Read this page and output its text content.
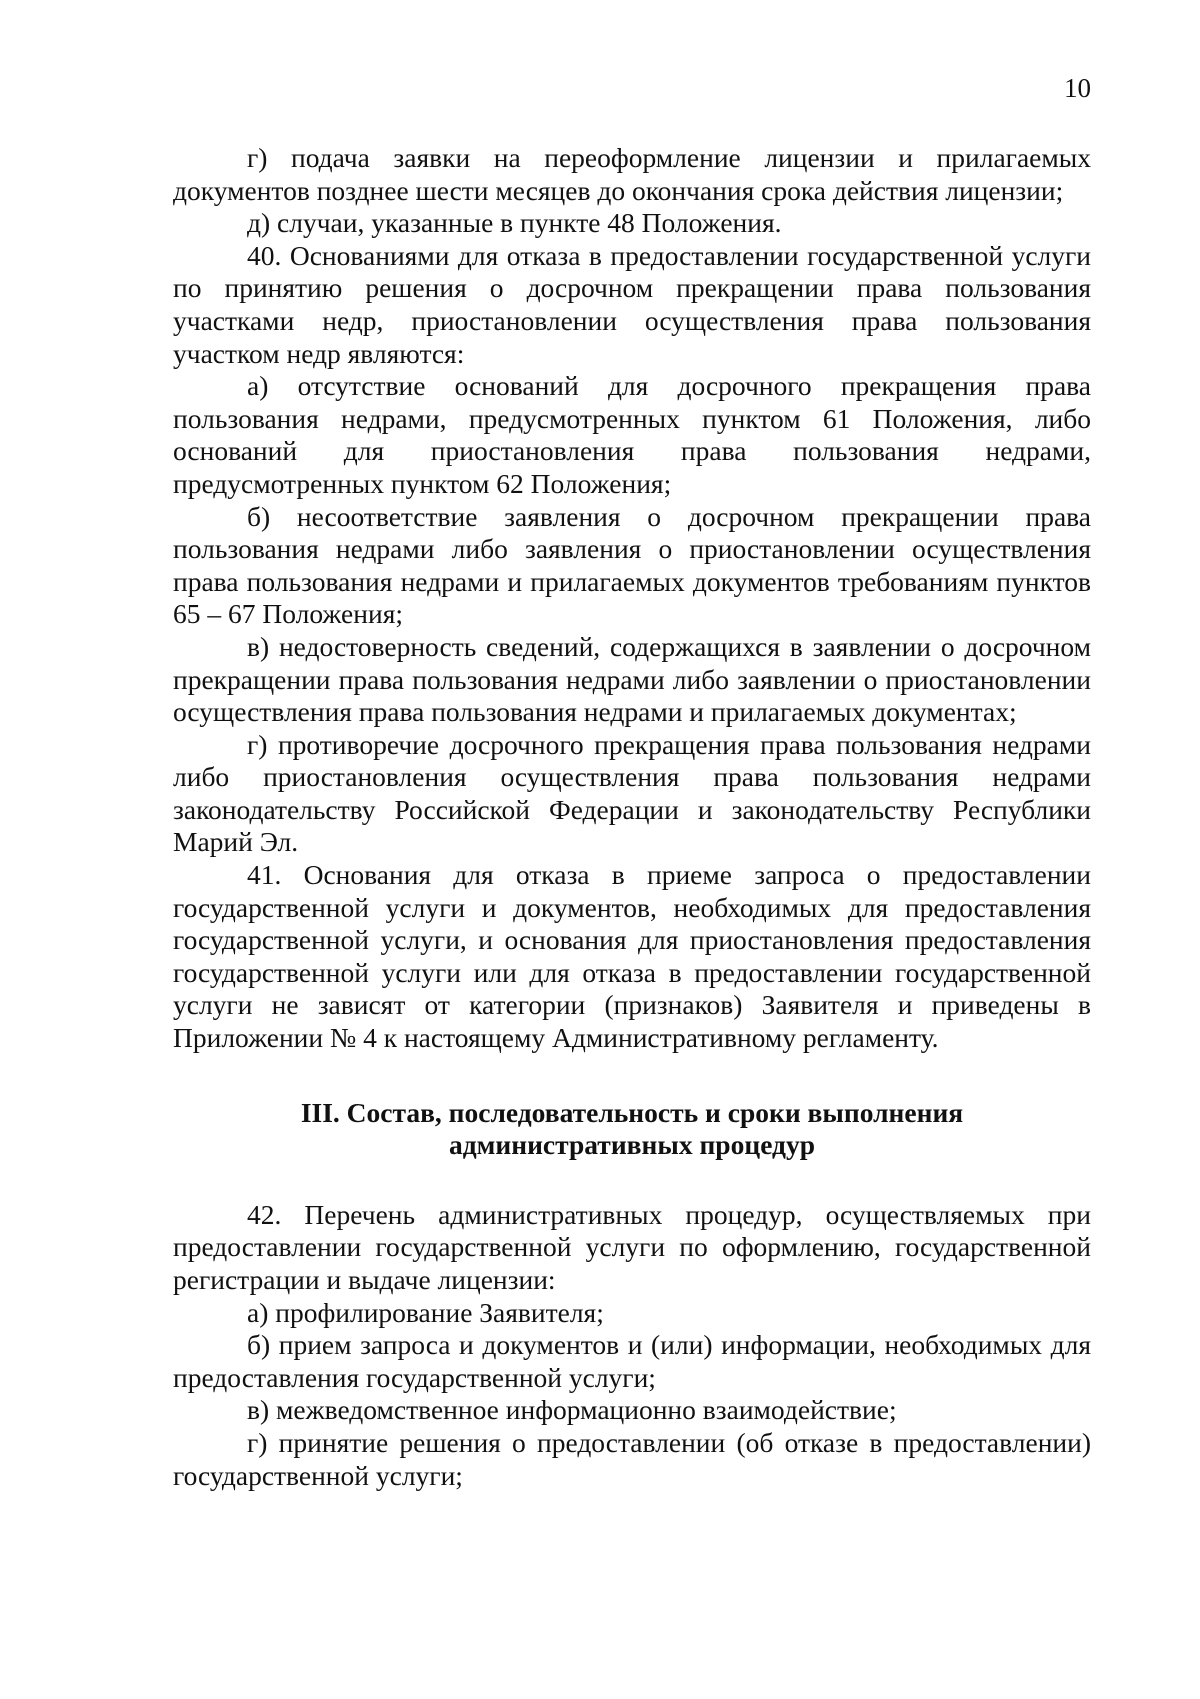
10

г) подача заявки на переоформление лицензии и прилагаемых документов позднее шести месяцев до окончания срока действия лицензии;

д) случаи, указанные в пункте 48 Положения.

40. Основаниями для отказа в предоставлении государственной услуги по принятию решения о досрочном прекращении права пользования участками недр, приостановлении осуществления права пользования участком недр являются:

а) отсутствие оснований для досрочного прекращения права пользования недрами, предусмотренных пунктом 61 Положения, либо оснований для приостановления права пользования недрами, предусмотренных пунктом 62 Положения;

б) несоответствие заявления о досрочном прекращении права пользования недрами либо заявления о приостановлении осуществления права пользования недрами и прилагаемых документов требованиям пунктов 65 – 67 Положения;

в) недостоверность сведений, содержащихся в заявлении о досрочном прекращении права пользования недрами либо заявлении о приостановлении осуществления права пользования недрами и прилагаемых документах;

г) противоречие досрочного прекращения права пользования недрами либо приостановления осуществления права пользования недрами законодательству Российской Федерации и законодательству Республики Марий Эл.

41. Основания для отказа в приеме запроса о предоставлении государственной услуги и документов, необходимых для предоставления государственной услуги, и основания для приостановления предоставления государственной услуги или для отказа в предоставлении государственной услуги не зависят от категории (признаков) Заявителя и приведены в Приложении № 4 к настоящему Административному регламенту.

III. Состав, последовательность и сроки выполнения
административных процедур

42. Перечень административных процедур, осуществляемых при предоставлении государственной услуги по оформлению, государственной регистрации и выдаче лицензии:

а) профилирование Заявителя;

б) прием запроса и документов и (или) информации, необходимых для предоставления государственной услуги;

в) межведомственное информационно взаимодействие;

г) принятие решения о предоставлении (об отказе в предоставлении) государственной услуги;
